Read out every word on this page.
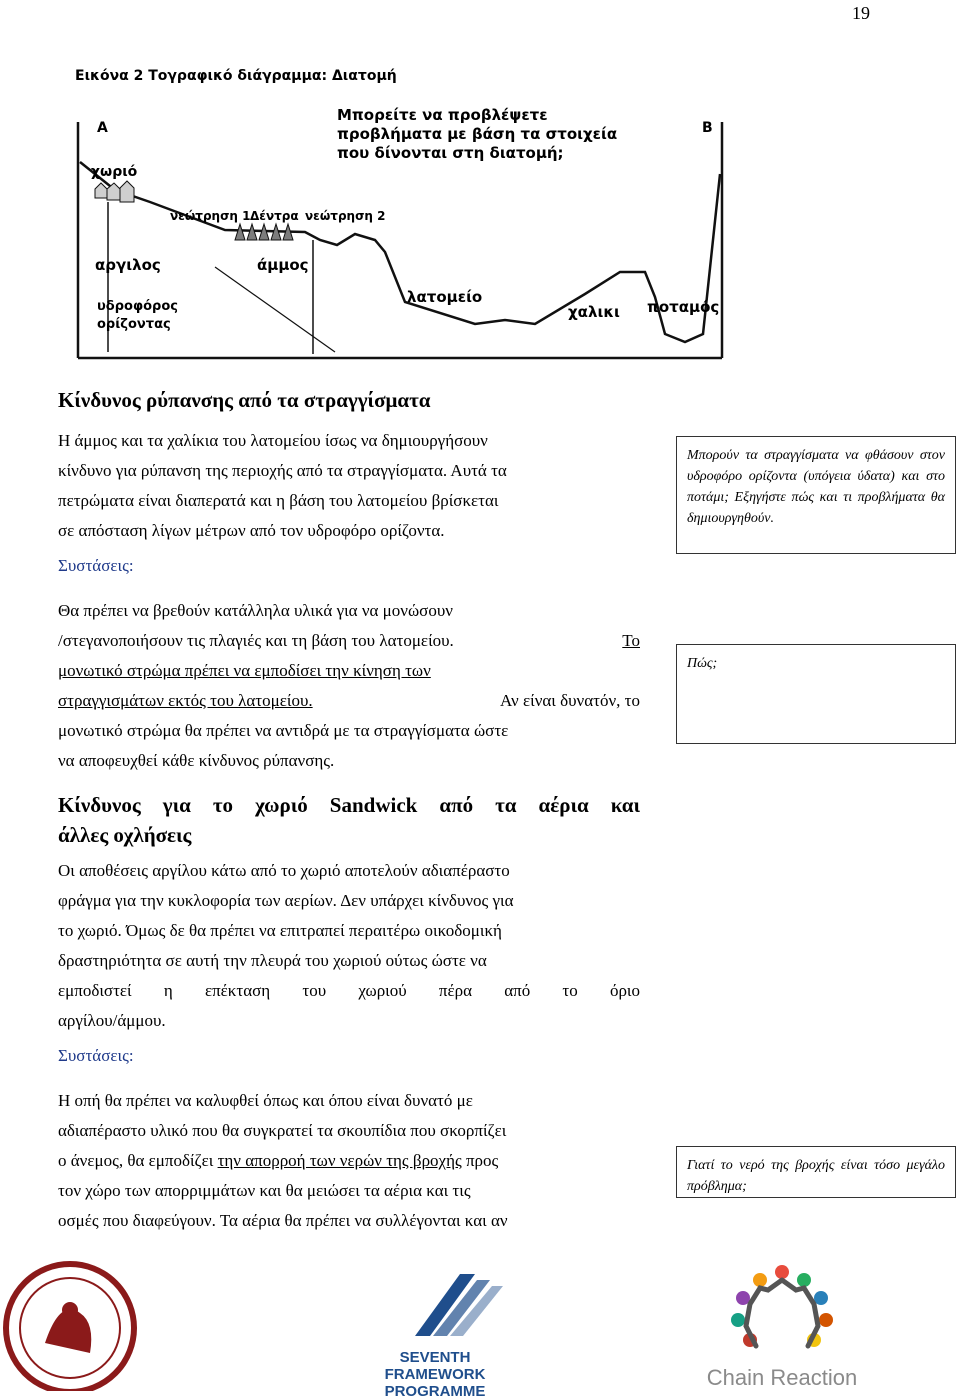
19
Εικόνα 2 Τογραφικό διάγραμμα: Διατομή
Μπορείτε να προβλέψετε
προβλήματα με βάση τα στοιχεία
που δίνονται στη διατομή;
Α	Β
χωριό
νεώτρηση 1 Δέντρα νεώτρηση 2
αργιλος	άμμος
λατομείο
χαλικι ποταμός
υδροφόρος
ορίζοντας
Κίνδυνος ρύπανσης από τα στραγγίσματα
Η άμμος και τα χαλίκια του λατομείου ίσως να δημιουργήσουν
κίνδυνο για ρύπανση της περιοχής από τα στραγγίσματα. Αυτά τα
πετρώματα είναι διαπερατά και η βάση του λατομείου βρίσκεται
σε απόσταση λίγων μέτρων από τον υδροφόρο ορίζοντα.
Συστάσεις:
Θα πρέπει να βρεθούν κατάλληλα υλικά για να μονώσουν
/στεγανοποιήσουν τις πλαγιές και τη βάση του λατομείου.	Το
μονωτικό στρώμα πρέπει να εμποδίσει την κίνηση των
στραγγισμάτων εκτός του λατομείου.	Αν είναι δυνατόν, το
μονωτικό στρώμα θα πρέπει να αντιδρά με τα στραγγίσματα ώστε
να αποφευχθεί κάθε κίνδυνος ρύπανσης.
Κίνδυνος για το χωριό Sandwick από τα αέρια και
άλλες οχλήσεις
Οι αποθέσεις αργίλου κάτω από το χωριό αποτελούν αδιαπέραστο
φράγμα για την κυκλοφορία των αερίων. Δεν υπάρχει κίνδυνος για
το χωριό. Όμως δε θα πρέπει να επιτραπεί περαιτέρω οικοδομική
δραστηριότητα σε αυτή την πλευρά του χωριού ούτως ώστε να
εμποδιστεί η επέκταση του χωριού πέρα από το όριο
αργίλου/άμμου.
Συστάσεις:
Η οπή θα πρέπει να καλυφθεί όπως και όπου είναι δυνατό με
αδιαπέραστο υλικό που θα συγκρατεί τα σκουπίδια που σκορπίζει
ο άνεμος, θα εμποδίζει την απορροή των νερών της βροχής προς
τον χώρο των απορριμμάτων και θα μειώσει τα αέρια και τις
οσμές που διαφεύγουν. Τα αέρια θα πρέπει να συλλέγονται και αν
Μπορούν τα στραγγίσματα να φθάσουν στον υδροφόρο ορίζοντα (υπόγεια ύδατα) και στο ποτάμι; Εξηγήστε πώς και τι προβλήματα θα δημιουργηθούν.
Πώς;
Γιατί το νερό της βροχής είναι τόσο μεγάλο πρόβλημα;
SEVENTH FRAMEWORK
PROGRAMME
Chain Reaction
